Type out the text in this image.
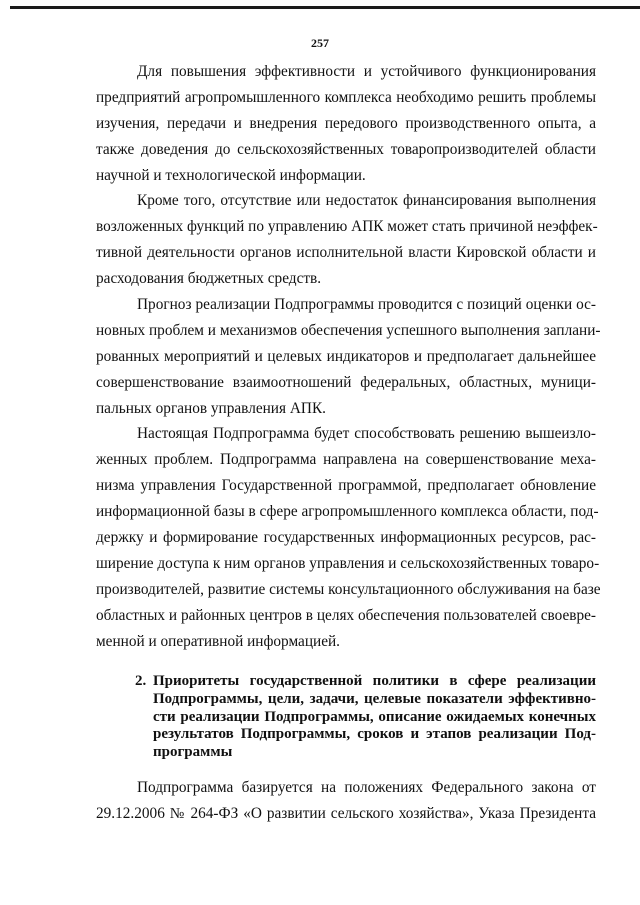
257
Для повышения эффективности и устойчивого функционирования
предприятий агропромышленного комплекса необходимо решить проблемы
изучения, передачи и внедрения передового производственного опыта, а
также доведения до сельскохозяйственных товаропроизводителей области
научной и технологической информации.
Кроме того, отсутствие или недостаток финансирования выполнения
возложенных функций по управлению АПК может стать причиной неэффек-
тивной деятельности органов исполнительной власти Кировской области и
расходования бюджетных средств.
Прогноз реализации Подпрограммы проводится с позиций оценки ос-
новных проблем и механизмов обеспечения успешного выполнения заплани-
рованных мероприятий и целевых индикаторов и предполагает дальнейшее
совершенствование взаимоотношений федеральных, областных, муници-
пальных органов управления АПК.
Настоящая Подпрограмма будет способствовать решению вышеизло-
женных проблем. Подпрограмма направлена на совершенствование меха-
низма управления Государственной программой, предполагает обновление
информационной базы в сфере агропромышленного комплекса области, под-
держку и формирование государственных информационных ресурсов, рас-
ширение доступа к ним органов управления и сельскохозяйственных товаро-
производителей, развитие системы консультационного обслуживания на базе
областных и районных центров в целях обеспечения пользователей своевре-
менной и оперативной информацией.
2. Приоритеты государственной политики в сфере реализации
Подпрограммы, цели, задачи, целевые показатели эффективно-
сти реализации Подпрограммы, описание ожидаемых конечных
результатов Подпрограммы, сроков и этапов реализации Под-
программы
Подпрограмма базируется на положениях Федерального закона от
29.12.2006 № 264-ФЗ «О развитии сельского хозяйства», Указа Президента
